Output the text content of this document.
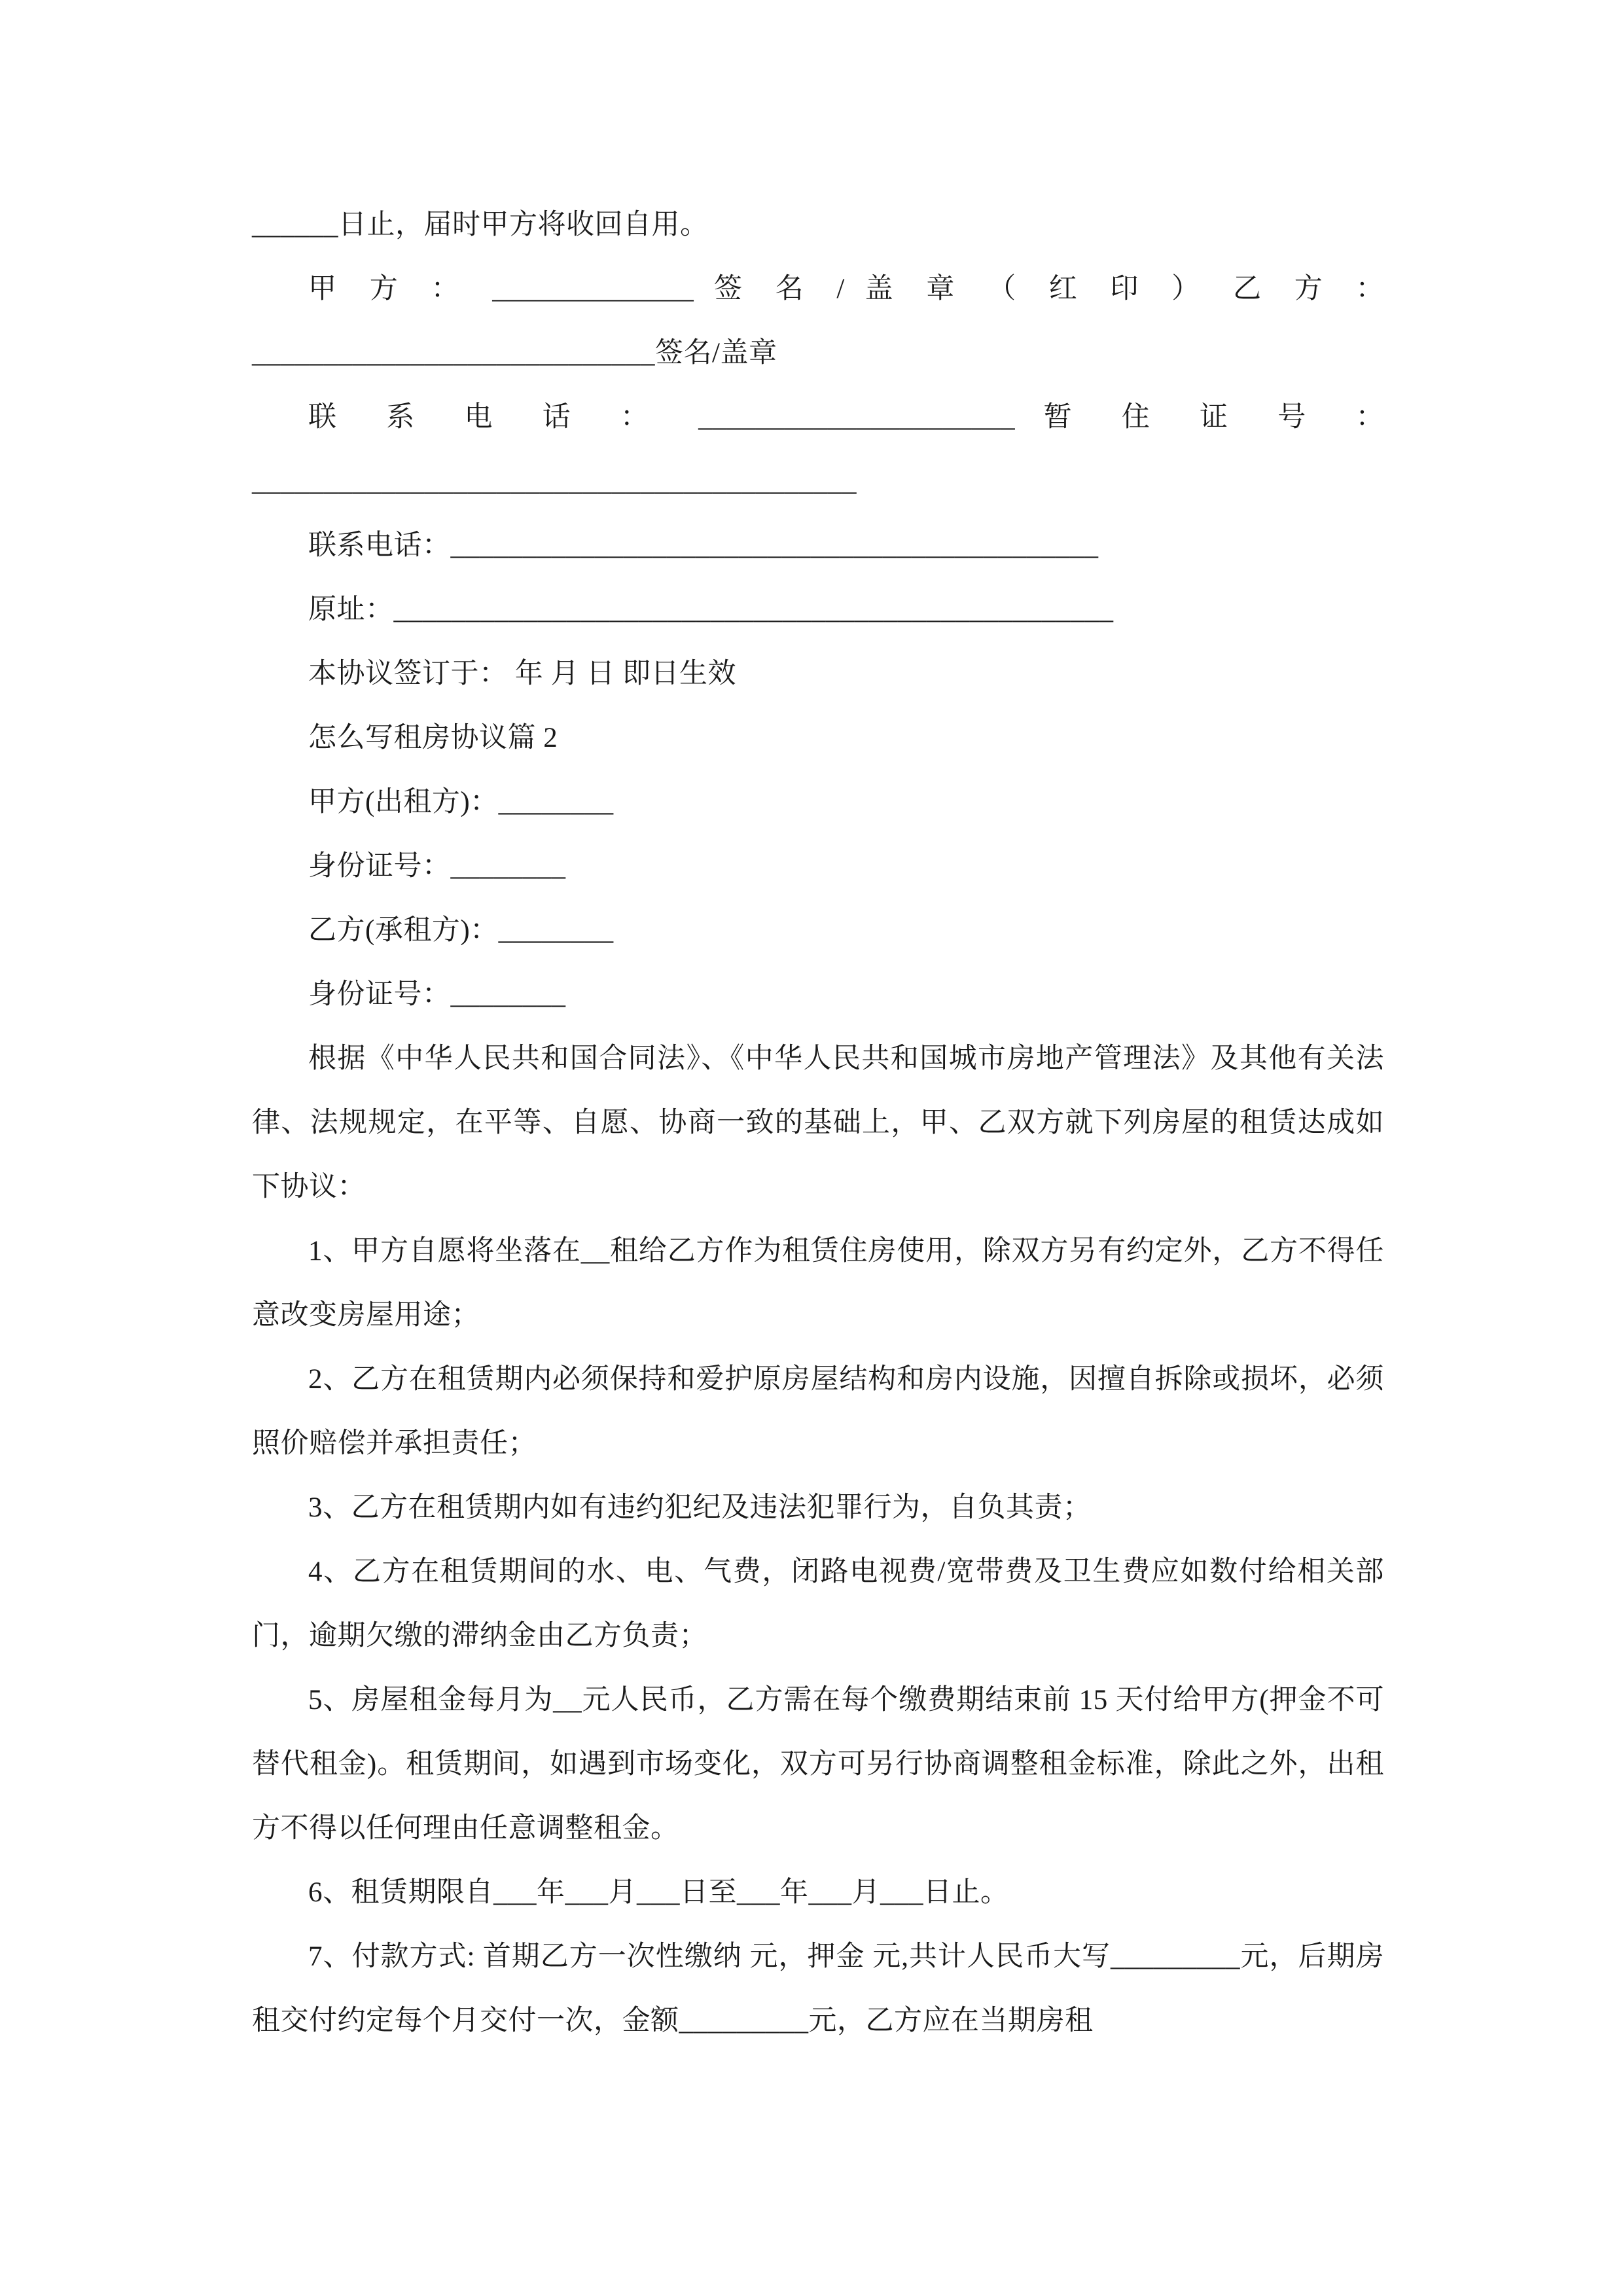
______日止，届时甲方将收回自用。

甲 方 ： ______________ 签 名 / 盖 章 （ 红 印 ） 乙 方 ：

____________________________签名/盖章

联 系 电 话 ： ______________________ 暂 住 证 号 ：

__________________________________________

联系电话：_____________________________________________

原址：__________________________________________________

本协议签订于： 年 月 日 即日生效

怎么写租房协议篇 2

甲方(出租方)：________

身份证号：________

乙方(承租方)：________

身份证号：________

根据《中华人民共和国合同法》、《中华人民共和国城市房地产管理法》及其他有关法律、法规规定，在平等、自愿、协商一致的基础上，甲、乙双方就下列房屋的租赁达成如下协议：

1、甲方自愿将坐落在__租给乙方作为租赁住房使用，除双方另有约定外，乙方不得任意改变房屋用途；

2、乙方在租赁期内必须保持和爱护原房屋结构和房内设施，因擅自拆除或损坏，必须照价赔偿并承担责任；

3、乙方在租赁期内如有违约犯纪及违法犯罪行为，自负其责；

4、乙方在租赁期间的水、电、气费，闭路电视费/宽带费及卫生费应如数付给相关部门，逾期欠缴的滞纳金由乙方负责；

5、房屋租金每月为__元人民币，乙方需在每个缴费期结束前 15 天付给甲方(押金不可替代租金)。租赁期间，如遇到市场变化，双方可另行协商调整租金标准，除此之外，出租方不得以任何理由任意调整租金。

6、租赁期限自___年___月___日至___年___月___日止。

7、付款方式: 首期乙方一次性缴纳 元，押金 元,共计人民币大写_________元，后期房租交付约定每个月交付一次，金额_________元，乙方应在当期房租
